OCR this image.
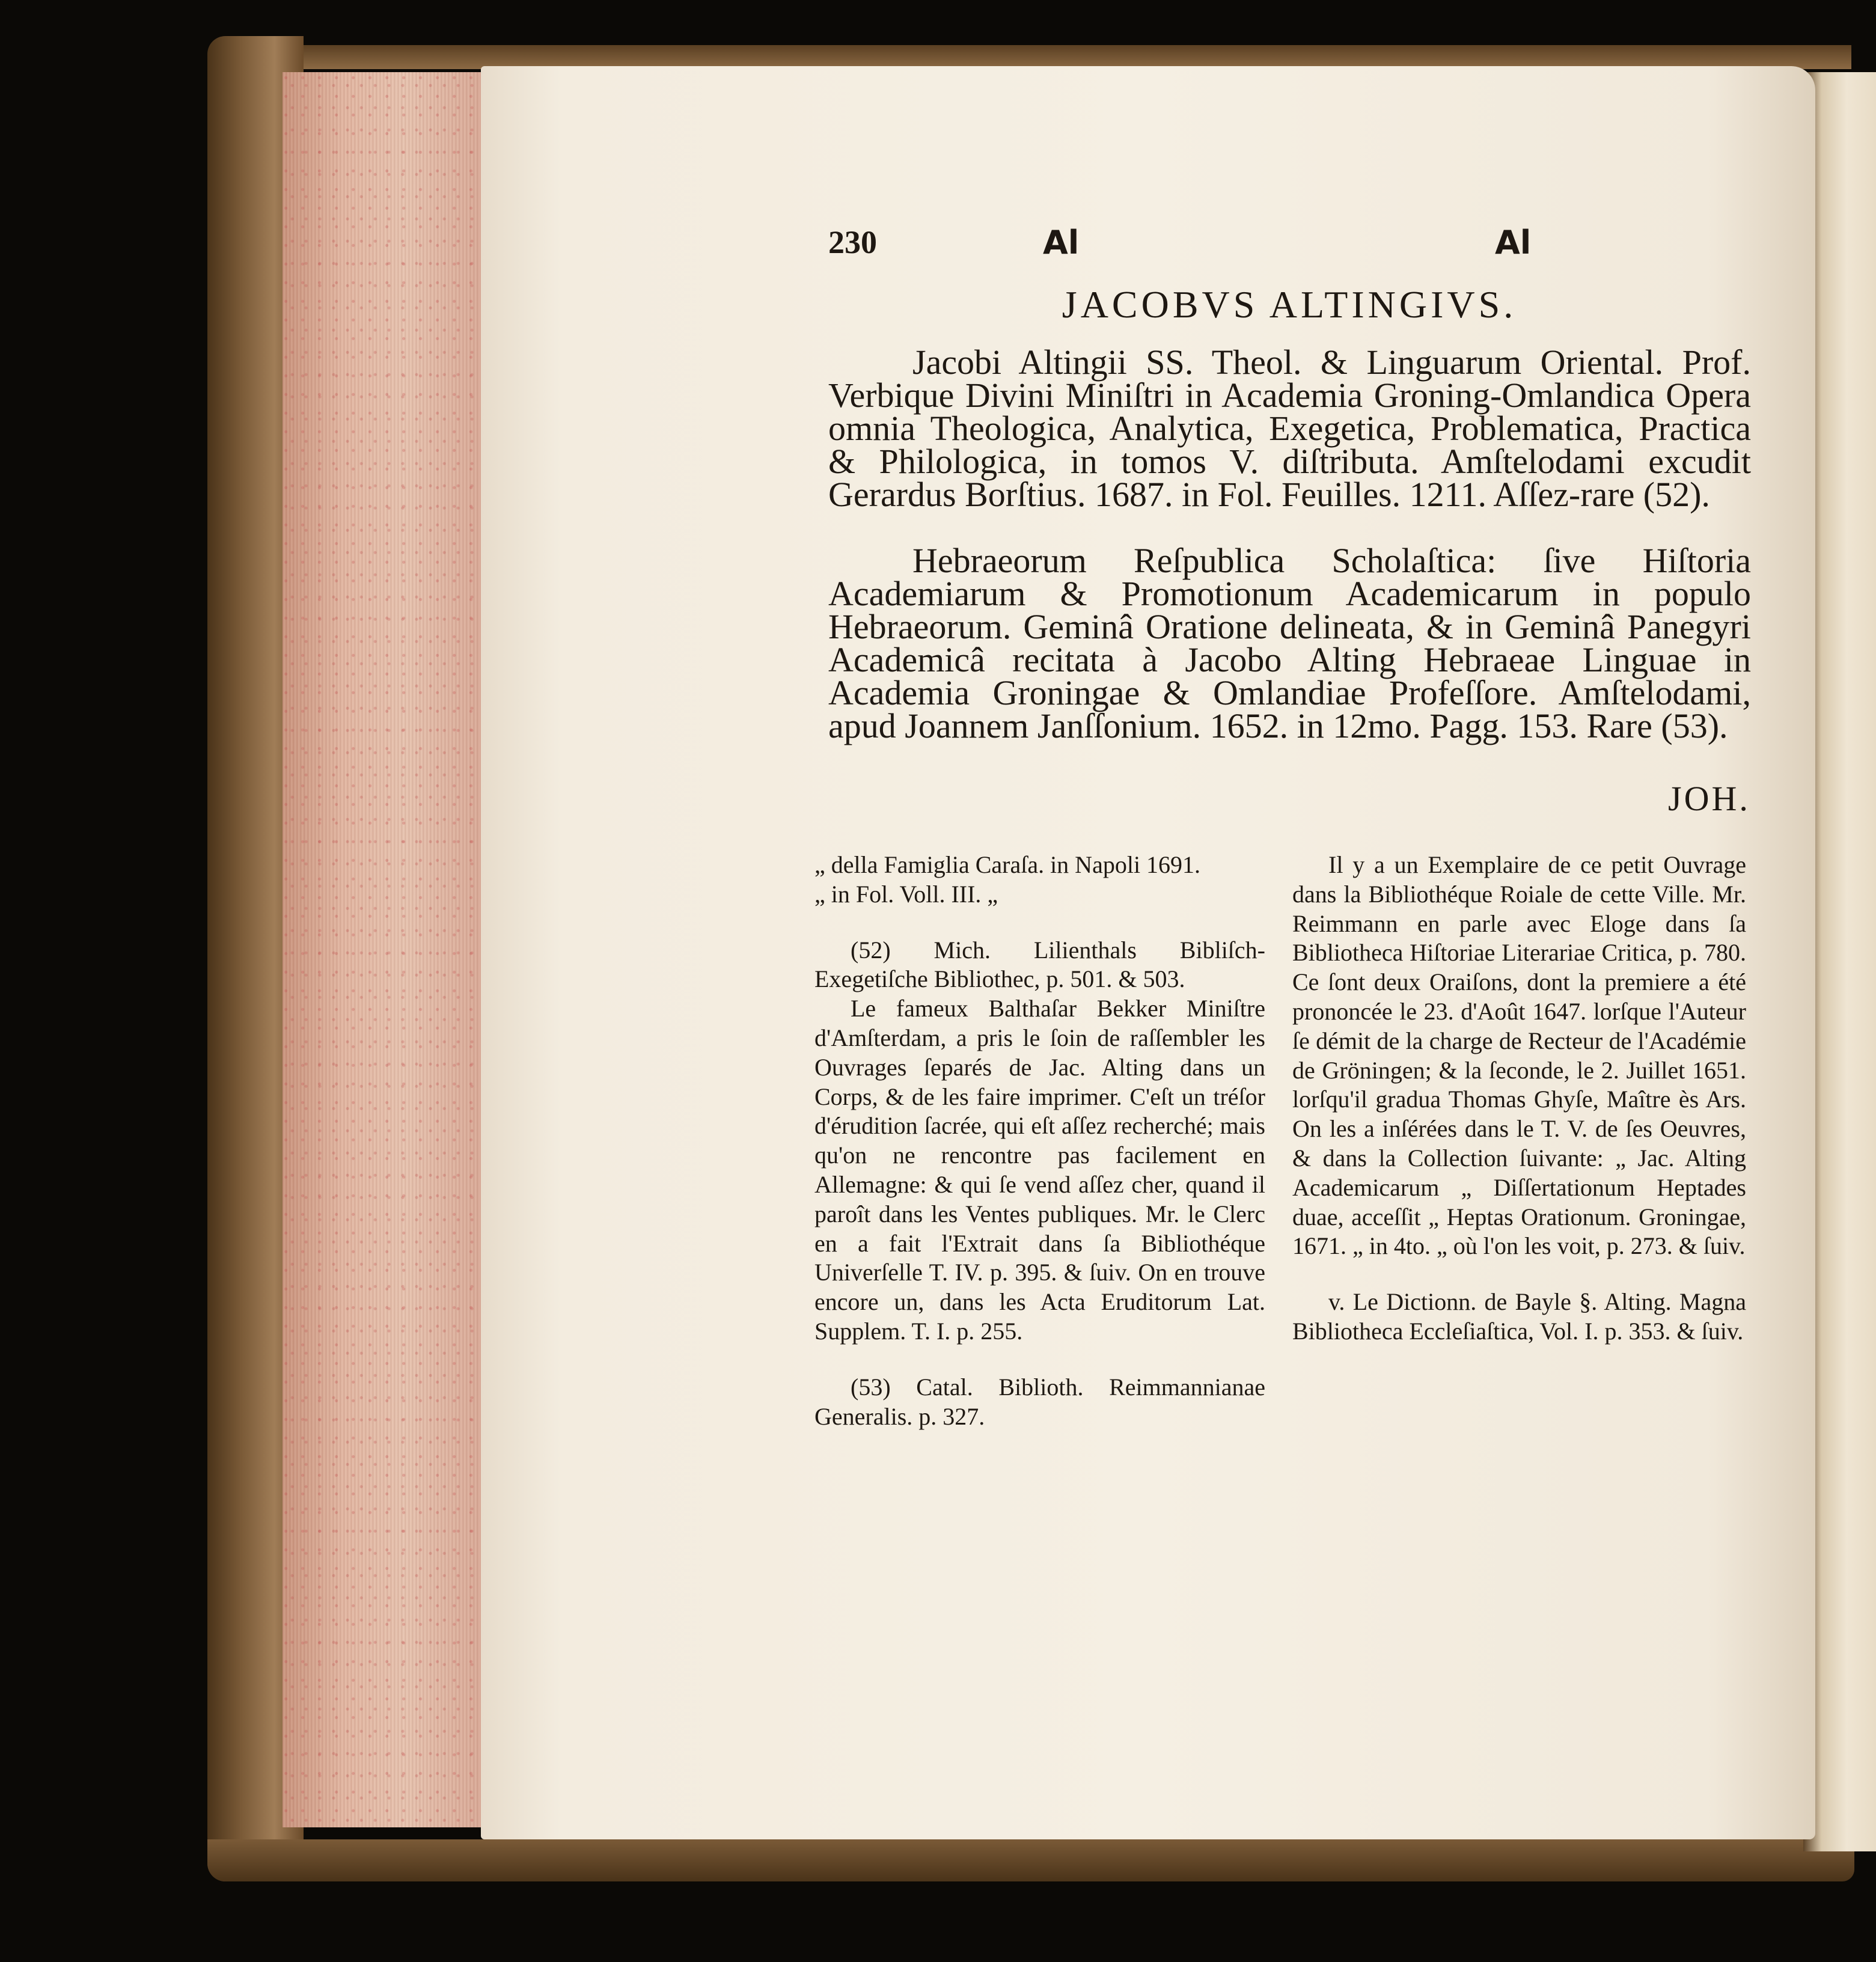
230	Al	Al
JACOBVS ALTINGIVS.
Jacobi Altingii SS. Theol. & Linguarum Oriental. Prof. Verbique Divini Miniſtri in Academia Groning-Omlandica Opera omnia Theologica, Analytica, Exegetica, Problematica, Practica & Philologica, in tomos V. diſtributa. Amſtelodami excudit Gerardus Borſtius. 1687. in Fol. Feuilles. 1211. Aſſez-rare (52).
Hebraeorum Reſpublica Scholaſtica: ſive Hiſtoria Academiarum & Promotionum Academicarum in populo Hebraeorum. Geminâ Oratione delineata, & in Geminâ Panegyri Academicâ recitata à Jacobo Alting Hebraeae Linguae in Academia Groningae & Omlandiae Profeſſore. Amſtelodami, apud Joannem Janſſonium. 1652. in 12mo. Pagg. 153. Rare (53).
JOH.

„ della Famiglia Caraſa. in Napoli 1691.

„ in Fol. Voll. III. „

(52) Mich. Lilienthals Bibliſch-Exegetiſche Bibliothec, p. 501. & 503.

Le fameux Balthaſar Bekker Miniſtre d'Amſterdam, a pris le ſoin de raſſembler les Ouvrages ſeparés de Jac. Alting dans un Corps, & de les faire imprimer. C'eſt un tréſor d'érudition ſacrée, qui eſt aſſez recherché; mais qu'on ne rencontre pas facilement en Allemagne: & qui ſe vend aſſez cher, quand il paroît dans les Ventes publiques. Mr. le Clerc en a fait l'Extrait dans ſa Bibliothéque Univerſelle T. IV. p. 395. & ſuiv. On en trouve encore un, dans les Acta Eruditorum Lat. Supplem. T. I. p. 255.

(53) Catal. Biblioth. Reimmannianae Generalis. p. 327.

Il y a un Exemplaire de ce petit Ouvrage dans la Bibliothéque Roiale de cette Ville. Mr. Reimmann en parle avec Eloge dans ſa Bibliotheca Hiſtoriae Literariae Critica, p. 780. Ce ſont deux Oraiſons, dont la premiere a été prononcée le 23. d'Août 1647. lorſque l'Auteur ſe démit de la charge de Recteur de l'Académie de Gröningen; & la ſeconde, le 2. Juillet 1651. lorſqu'il gradua Thomas Ghyſe, Maître ès Ars. On les a inſérées dans le T. V. de ſes Oeuvres, & dans la Collection ſuivante: „ Jac. Alting Academicarum „ Diſſertationum Heptades duae, acceſſit „ Heptas Orationum. Groningae, 1671. „ in 4to. „ où l'on les voit, p. 273. & ſuiv.

v. Le Dictionn. de Bayle §. Alting. Magna Bibliotheca Eccleſiaſtica, Vol. I. p. 353. & ſuiv.
